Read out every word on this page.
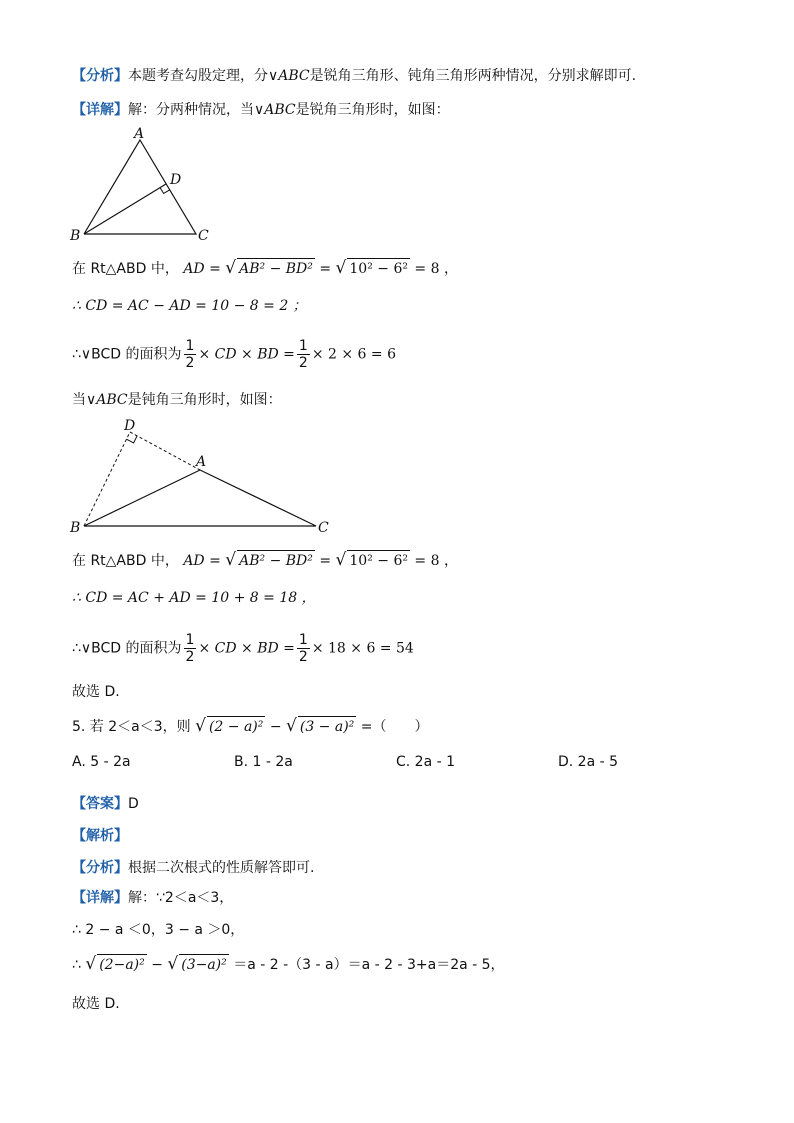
【分析】本题考查勾股定理，分∨ABC是锐角三角形、钝角三角形两种情况，分别求解即可.
【详解】解：分两种情况，当∨ABC是锐角三角形时，如图：
A
D
B	C
在 Rt△ABD 中， AD = √ AB² − BD² = √ 10² − 6² = 8 ，
∴ CD = AC − AD = 10 − 8 = 2 ；
∴∨BCD 的面积为 $\frac{1}{2}$ × CD × BD = $\frac{1}{2} \times 2 \times 6 = 6$
当∨ABC是钝角三角形时，如图：
D
A
B	C
在 Rt△ABD 中， AD = √ AB² − BD² = √ 10² − 6² = 8 ，
∴ CD = AC + AD = 10 + 8 = 18 ，
∴∨BCD 的面积为 $\frac{1}{2}$ × CD × BD = $\frac{1}{2} \times 18 \times 6 = 54$
故选 D.
5. 若 2＜a＜3，则 √ (2 − a)² − √ (3 − a)² =（　　）
A. 5 - 2a	B. 1 - 2a	C. 2a - 1	D. 2a - 5
【答案】D
【解析】
【分析】根据二次根式的性质解答即可.
【详解】解：∵2＜a＜3，
∴ 2 − a ＜0，3 − a ＞0，
∴ √ (2−a)² − √ (3−a)² ＝a - 2 -（3 - a）＝a - 2 - 3+a＝2a - 5，
故选 D.
